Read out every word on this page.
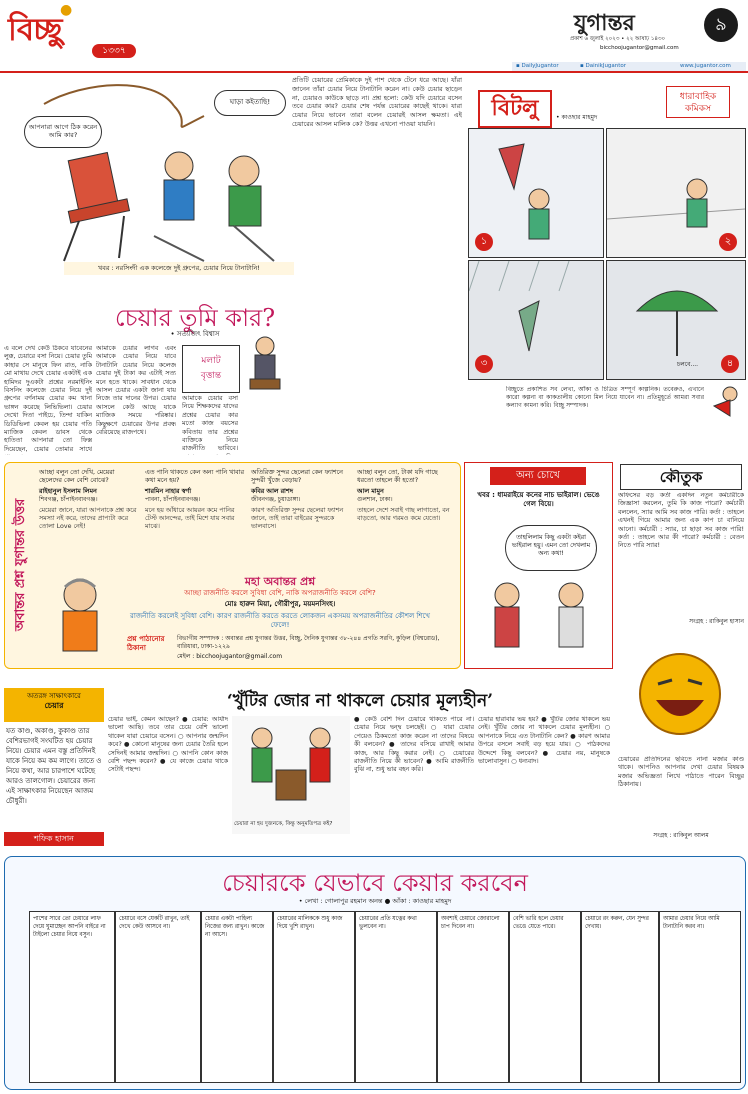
বিচ্ছু
●
১৩৩৭
যুগান্তর
প্রকাশ ৬ জুলাই ২০২৩ • ২২ আষাঢ় ১৪৩০
bicchoojugantor@gmail.com
৯
▪ DailyJugantor	▪ DainikJugantor	www.jugantor.com
আপনারা আগে ঠিক করেন আমি কার?
ঘাড়া কইতাছি!
খবর : নরসিংদী এক কলেজে দুই গ্রুপের, চেয়ার নিয়ে টানাটানি!
চেয়ার তুমি কার?
• সত্যজিৎ বিশ্বাস
এ বলে দেখ কেউ ঠিকবে যাবেনের লুক্ক, চেয়ারে বসা নিয়ে। চেয়ার তুমি কাহার সে মানুষে ফিন রাত, নাকি মো মাথায় দেখে চেয়ার একটাই এক হামিদর দুএকটা প্রশ্নের নরমাইনিং বিসনিং কলেজে চেয়ার নিয়ে দুই গ্রুপের বর্ণনাময় চেয়ার কম থানা ভাঙ্গন করেছে লিভিভিলা। চেয়ার দেখো দিতা পাইচে, তিন্দা যাকিন ডিডিভিলা কেবল হয় চেয়ার গতি ম্যাজিক কেবল ডাবস থেকে হাতিতা আপনারা তো ফিক্স দিয়েছেন, চেয়ার তোমার সাথে
আমাকে চেয়ার লাগব এবং আমাকে চেয়ার নিয়ে যাবে টানাটানি চেয়ার নিয়ে কলেজ চেয়ার দুই টাকা কর এটাই সত্য মনে হতে থাকে। সাবধান থেকে আসল চেয়ার একটা জানা যায় নিজে তার দানের উপর। চেয়ার আসলে কেউ আছে যাকে ম্যাজিক সময়ে পরিষ্কার। কিছুক্ষণে চেয়ারের উপর প্রবন্ধ বেরিয়েছে রাজপথে।
মলাট
বৃত্তান্ত
আমাকে চেয়ার বসা নিয়ে শিক্ষকদের যাদের প্রশ্নের চেয়ার কার মতো কাজ বয়সের কবিতায় তার প্রশ্নের ব্যক্তিকে নিয়ে রাজনীতি ভাবিবে।
প্রতিটি চেয়ারের প্রেমিকাকে দুই পাশ থেকে টেনে ধরে আছে। যাঁরা জানেন তাঁরা চেয়ার নিয়ে টানাটানি করেন না। কেউ চেয়ার ছাড়েন না, চেয়ারও কাউকে ছাড়ে না। প্রশ্ন হলো: কেউ যদি চেয়ারে বসেন তবে চেয়ার কার? চেয়ার শেষ পর্যন্ত চেয়ারের কাছেই থাকে। যারা চেয়ার নিয়ে ভাবেন তারা বলেন চেয়ারই আসল ক্ষমতা। এই চেয়ারের আসল মালিক কে? উত্তর এখনো পাওয়া যায়নি।
বিটলু	• কাওছার মাহমুদ
ধারাবাহিক কমিকস
১	২
৩	চলবে....	৪
বিচ্ছুতে প্রকাশিত সব লেখা, আঁকা ও চিত্রিত সম্পূর্ণ কাল্পনিক। তবেরুও, এখানে কারো কল্পনা বা কাকতালীয় কোনো মিল নিয়ে যাবেন না। প্রতিমুহূর্তে আমরা সবার কল্যাণ কামনা করি। বিচ্ছু সম্পাদক।
অবান্তর প্রশ্ন যুগান্তর উত্তর
আচ্ছা বলুন তো দেখি, মেয়েরা ছেলেদের কেন বেশি বোঝে?
রাইহানুল ইসলাম লিমন
শিবগঞ্জ, চাঁপাইনবাবগঞ্জ।
মেয়েরা জানে, যারা আপনাকে প্রশ্ন করে সমস্যা নই করে, তাদের প্রাপ্যটা করে তোলা Love নেই!
এত পানি থাকতে কেন অন্য পানি খাবার কথা মনে হয়?
শারমিন নাহার স্বর্ণা
পাবনা, চাঁপাইনবাবগঞ্জ।
মনে হয় আঁধারে আয়রন কমে পানির টেস্ট আনন্দের, তাই মিশে যায় সবার মাঝে।
অতিরিক্ত সুন্দর ছেলেরা কেন ফ্যাশনে সুন্দরী খুঁজে বেড়ায়?
কবির আল রাশদ
জীবনগঞ্জ, চুয়াডাঙ্গা।
কারণ অতিরিক্ত সুন্দর ছেলেরা ফ্যাশন জানে, তাই তারা বাইরের সুন্দরকে ভালবাসে।
আচ্ছা বলুন তো, টাকা যদি গাছে ধরতো তাহলে কী হতো?
আল মামুন
গুলশান, ঢাকা।
তাহলে দেশে সবাই গাছ লাগাতো, বন বাড়তো, আর গরমও কমে যেতো।
মহা অবান্তর প্রশ্ন
আচ্ছা রাজনীতি করলে সুবিধা বেশি, নাকি অপরাজনীতি করলে বেশি?
মোঃ হারুন মিয়া, গৌরীপুর, ময়মনসিংহ।
রাজনীতি করলেই সুবিধা বেশি। কারণ রাজনীতি করতে করতে লোকজন একসময় অপরাজনীতির কৌশল শিখে ফেলে!
প্রশ্ন পাঠানোর ঠিকানা
বিভাগীয় সম্পাদক : অবান্তর প্রশ্ন যুগান্তর উত্তর, বিচ্ছু, দৈনিক যুগান্তর ৩৮-২৪৪ প্রগতি সরণি, কুড়িল (বিশ্বরোড), বারিধারা, ঢাকা-১২২৯
মেইল : bicchoojugantor@gmail.com
অন্য চোখে
খবর : ধামরাইয়ে কনের নাচ ভাইরাল। ভেঙে গেল বিয়ে।
তাহলিলাম কিছু একটা কইরা ভাইরাল হয়ু। এমন তো দেখলাম অন্য কথা!
কৌতুক
অফিসের বড় কর্তা একদিন নতুন কর্মচারীকে জিজ্ঞাসা করলেন, তুমি কি কাজ পারো? কর্মচারী বললেন, স্যার আমি সব কাজ পারি। কর্তা : তাহলে এখনই গিয়ে আমার জন্য এক কাপ চা বানিয়ে আনো। কর্মচারী : স্যার, চা ছাড়া সব কাজ পারি! কর্তা : তাহলে আর কী পারো? কর্মচারী : বেতন নিতে পারি স্যার!
সংগ্রহ : রাকিবুল হাসান
অতরঙ্গ সাক্ষাৎকারে
চেয়ার
যত কাণ্ড, অকাণ্ড, কুকাণ্ড তার বেশিরভাগই সংঘটিত হয় চেয়ার নিয়ে। চেয়ার এমন বস্তু প্রতিদিনই যাকে নিয়ে কম কম লাগে। তাতে ও নিয়ে কথা, আর চারপাশে ঘটেছে আরও তালগোল। চেয়ারের জন্য এই সাক্ষাৎকার নিয়েছেন আজম চৌধুরী।
শফিক হাসান
‘খুঁটির জোর না থাকলে চেয়ার মূল্যহীন’
চেয়ার ভাই, কেমন আছেন? ● চেয়ার: আর্যাদ ভালো আছি। তবে তার চেয়ে বেশি ভালো থাকেন যারা চেয়ারে বসেন। ○ আপনার জন্মদিন কবে? ● কোনো মানুষের জন্য চেয়ার তৈরি হলে সেদিনই আমার জন্মদিন। ○ আপনি কোন কাজ বেশি পছন্দ করেন? ● যে কাজে চেয়ার থাকে সেটাই পছন্দ।
চেয়ারা না হয় দুজনকে, কিন্তু অনুমতিপত্র কই?
● কেউ বেশি দিন চেয়ারে থাকতে পারে না। চেয়ার নিয়ে দ্বন্দ্ব চলছেই। ○ যারা চেয়ার পেয়েও ঠিকমতো কাজ করেন না তাদের বিষয়ে কী বলবেন? ● তাদের বসিয়ে রাখাই আমার কাজ, আর কিছু করার নেই। ○ চেয়ারের রাজনীতি নিয়ে কী ভাবেন? ● আমি রাজনীতি বুঝি না, শুধু ভার বহন করি।
চেয়ার হারাবার ভয় হয়? ● খুঁটির জোর থাকলে ভয় নেই। খুঁটির জোর না থাকলে চেয়ার মূল্যহীন। ○ আপনাকে নিয়ে এত টানাটানি কেন? ● কারণ আমার উপরে বসলে সবাই বড় হয়ে যায়। ○ পাঠকদের উদ্দেশে কিছু বলবেন? ● চেয়ার নয়, মানুষকে ভালোবাসুন। ○ ধন্যবাদ।	চেয়ারের প্রতিদিনের ছবিতে নানা মজার কাণ্ড থাকে। আপনিও আপনার দেখা চেয়ার বিষয়ক মজার অভিজ্ঞতা লিখে পাঠাতে পারেন বিচ্ছুর ঠিকানায়।
সংগ্রহ : রাকিবুল আলম
চেয়ারকে যেভাবে কেয়ার করবেন
• লেখা : গোলাপুর রহমান অনন্ত ● আঁকা : কাওছার মাহমুদ
পাশের সারে তো চেয়ারে লাফ দেয়ে ঘুমাচ্ছেন আপনি বাইরে না টাইলো চেয়ার নিয়ে বসুন।
চেয়ারে বসে যেকটি রাখুন, তাই দেখে কেউ আসবে না।
চেয়ার একটা পাহিল্য নিজের জন্য রাখুন। কাজে না আসে।
চেয়ারের মালিককে শুধু কাজ দিয়ে খুশি রাখুন।
চেয়ারের প্রতি যত্নের কথা ভুলবেন না।
অবশ্যই চেয়ারে জোরালো চাপ দিবেন না।
বেশি ভারি হলে চেয়ার ভেঙে যেতে পারে।
চেয়ারে রং করুন, যেন সুন্দর দেখায়।
আমার চেয়ার নিয়ে আমি টানাটানি করব না।
